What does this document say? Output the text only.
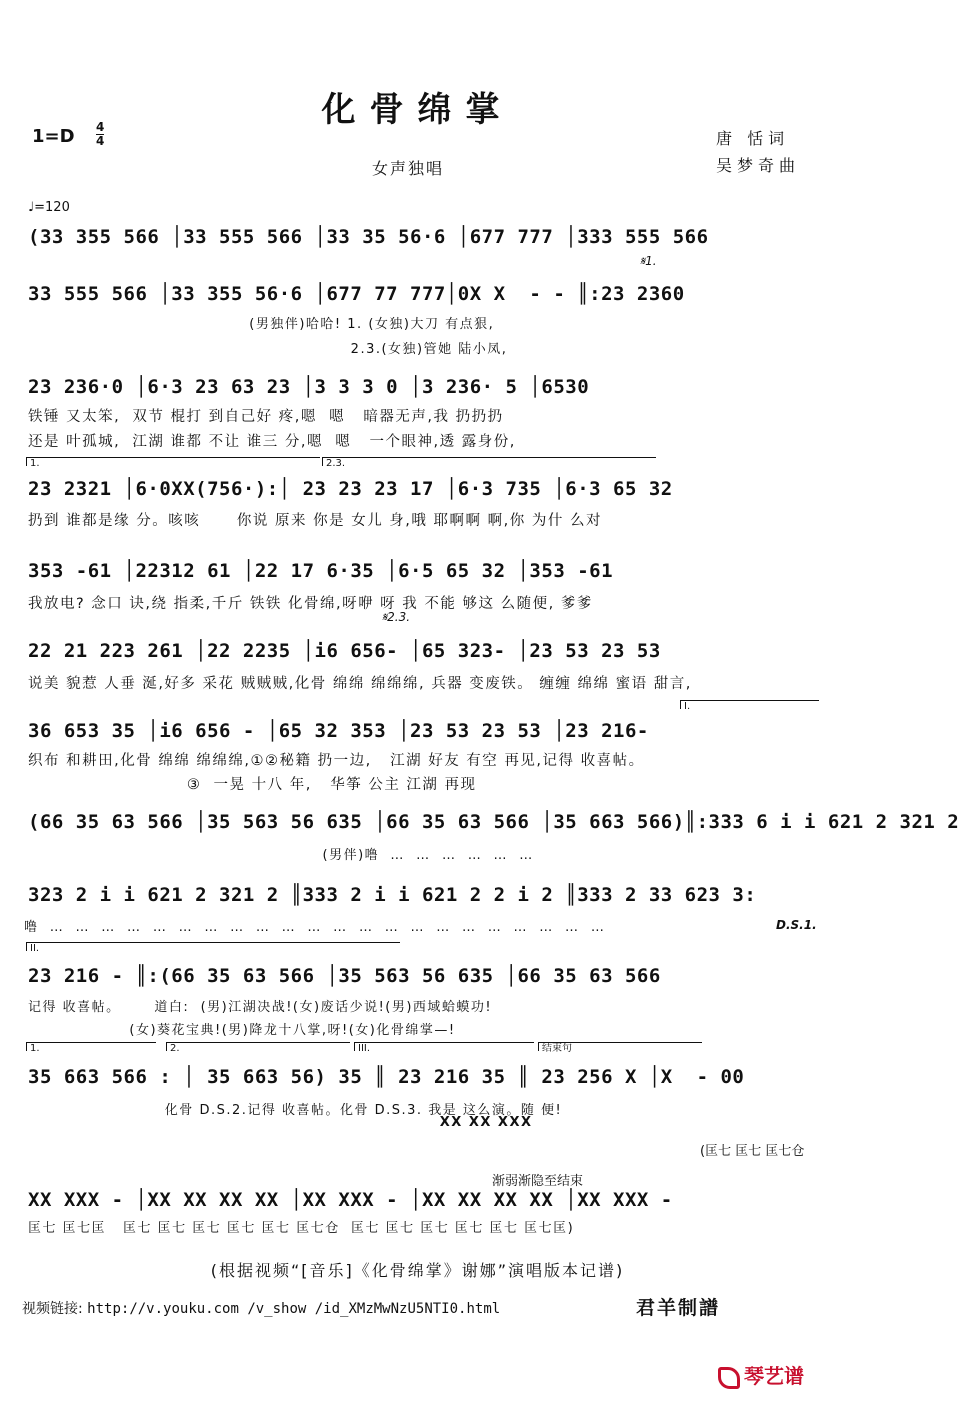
化骨绵掌
1=D 4
4
女声独唱
唐 恬词
吴梦奇曲
♩=120
(33 355 566 │33 555 566 │33 35 56·6 │677 777 │333 555 566
𝄋1.
33 555 566 │33 355 56·6 │677 77 777│0X X  - - ║:23 2360
(男独伴)哈哈! 1. (女独)大刀 有点狠,
2.3.(女独)管她 陆小凤,
23 236·0 │6·3 23 63 23 │3 3 3 0 │3 236· 5 │6530
铁锤 又太笨,  双节 棍打 到自己好 疼,嗯  嗯   暗器无声,我 扔扔扔
还是 叶孤城,  江湖 谁都 不让 谁三 分,嗯  嗯   一个眼神,透 露身份,
1.	2.3.
23 2321 │6·0XX(756·):│ 23 23 23 17 │6·3 735 │6·3 65 32
扔到 谁都是缘 分。咳咳      你说 原来 你是 女儿 身,哦 耶啊啊 啊,你 为什 么对
353 -61 │22312 61 │22 17 6·35 │6·5 65 32 │353 -61
我放电? 念口 诀,绕 指柔,千斤 铁铁 化骨绵,呀咿 呀 我 不能 够这 么随便, 爹爹
𝄋2.3.
22 21 223 261 │22 2235 │i6 656- │65 323- │23 53 23 53
说美 貌惹 人垂 涎,好多 采花 贼贼贼,化骨 绵绵 绵绵绵, 兵器 变废铁。 缠缠 绵绵 蜜语 甜言,
I.
36 653 35 │i6 656 - │65 32 353 │23 53 23 53 │23 216-
织布 和耕田,化骨 绵绵 绵绵绵,①②秘籍 扔一边,   江湖 好友 有空 再见,记得 收喜帖。
③  一晃 十八 年,   华筝 公主 江湖 再现
(66 35 63 566 │35 563 56 635 │66 35 63 566 │35 663 566)║:333 6 i i 621 2 321 2
(男伴)噜  …  …  …  …  …  …
323 2 i i 621 2 321 2 ║333 2 i i 621 2 2 i 2 ║333 2 33 623 3:
噜  …  …  …  …  …  …  …  …  …  …  …  …  …  …  …  …  …  …  …  …  …  …	D.S.1.
II.
23 216 - ║:(66 35 63 566 │35 563 56 635 │66 35 63 566
记得 收喜帖。      道白:  (男)江湖决战!(女)废话少说!(男)西域蛤蟆功!
(女)葵花宝典!(男)降龙十八掌,呀!(女)化骨绵掌—!
1.	2.	III.	结束句
35 663 566 : │ 35 663 56) 35 ║ 23 216 35 ║ 23 256 X │X  - 00
化骨 D.S.2.记得 收喜帖。化骨 D.S.3. 我是 这么演。随 便!
XX XX XXX
(匡七 匡七 匡七仓
渐弱渐隐至结束
XX XXX - │XX XX XX XX │XX XXX - │XX XX XX XX │XX XXX -
匡七 匡七匡   匡七 匡七 匡七 匡七 匡七 匡七仓  匡七 匡七 匡七 匡七 匡七 匡七匡)
(根据视频“[音乐]《化骨绵掌》谢娜”演唱版本记谱)
视频链接: http://v.youku.com /v_show /id_XMzMwNzU5NTI0.html	君羊制譜
琴艺谱
